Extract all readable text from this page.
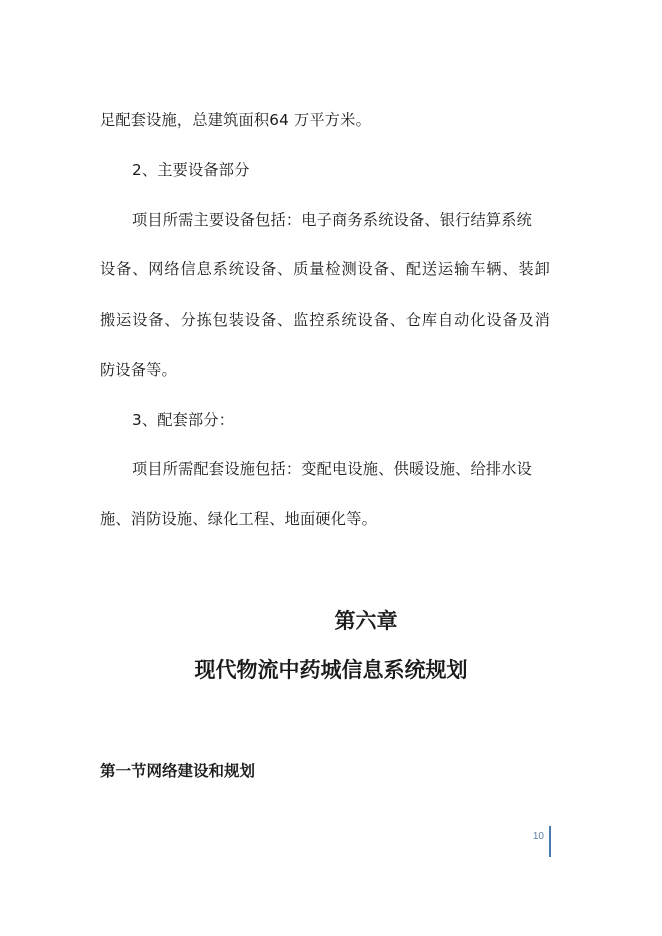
足配套设施，总建筑面积64 万平方米。
2、主要设备部分
项目所需主要设备包括：电子商务系统设备、银行结算系统
设备、网络信息系统设备、质量检测设备、配送运输车辆、装卸
搬运设备、分拣包装设备、监控系统设备、仓库自动化设备及消
防设备等。
3、配套部分：
项目所需配套设施包括：变配电设施、供暖设施、给排水设
施、消防设施、绿化工程、地面硬化等。
第六章
现代物流中药城信息系统规划
第一节网络建设和规划
10
